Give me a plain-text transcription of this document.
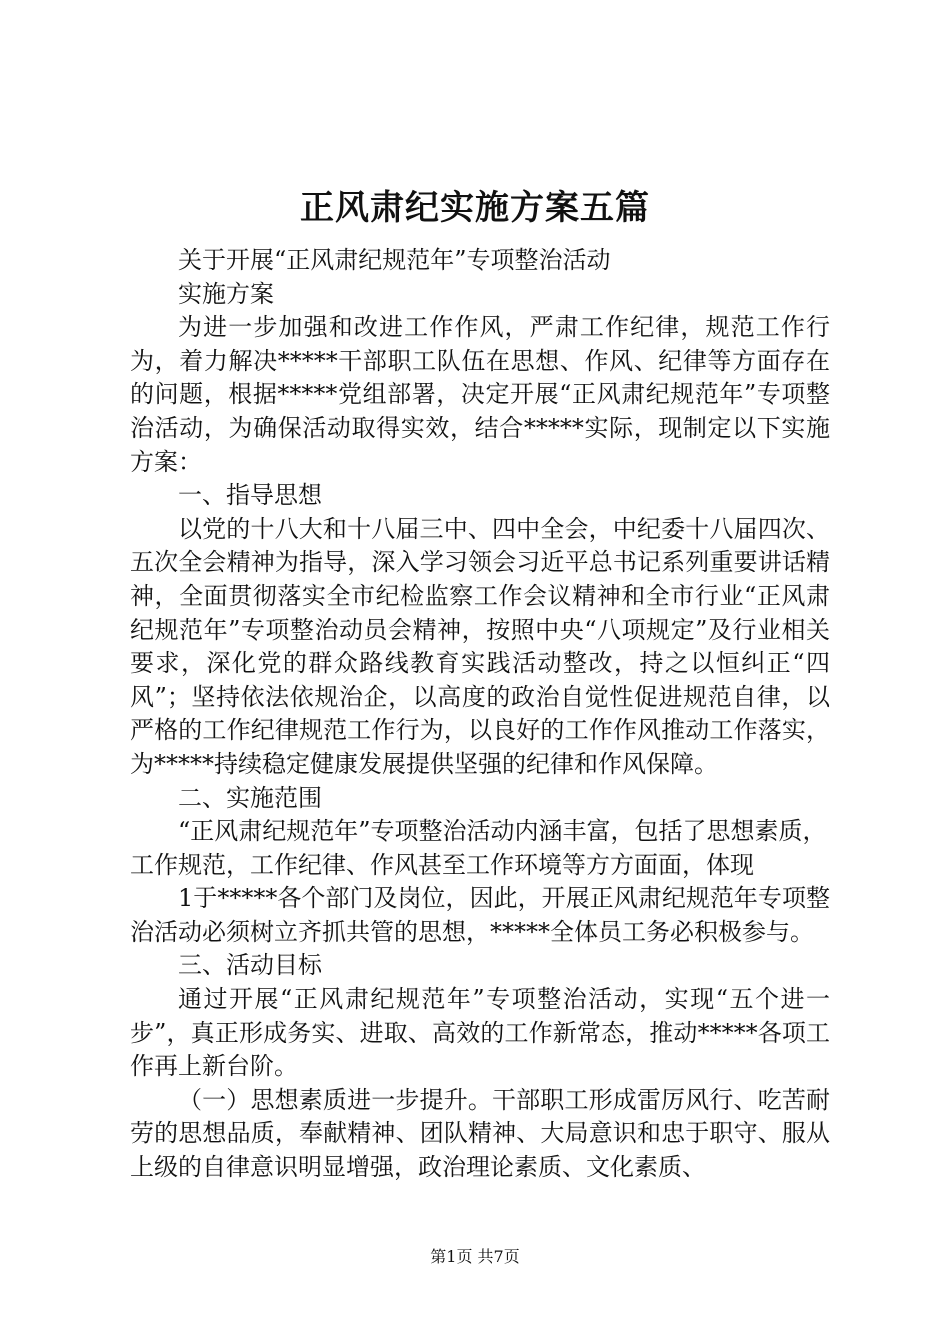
正风肃纪实施方案五篇

关于开展“正风肃纪规范年”专项整治活动

实施方案

为进一步加强和改进工作作风，严肃工作纪律，规范工作行为，着力解决*****干部职工队伍在思想、作风、纪律等方面存在的问题，根据*****党组部署，决定开展“正风肃纪规范年”专项整治活动，为确保活动取得实效，结合*****实际，现制定以下实施方案：

一、指导思想

以党的十八大和十八届三中、四中全会，中纪委十八届四次、五次全会精神为指导，深入学习领会习近平总书记系列重要讲话精神，全面贯彻落实全市纪检监察工作会议精神和全市行业“正风肃纪规范年”专项整治动员会精神，按照中央“八项规定”及行业相关要求，深化党的群众路线教育实践活动整改，持之以恒纠正“四风”；坚持依法依规治企，以高度的政治自觉性促进规范自律，以严格的工作纪律规范工作行为，以良好的工作作风推动工作落实，为*****持续稳定健康发展提供坚强的纪律和作风保障。

二、实施范围

“正风肃纪规范年”专项整治活动内涵丰富，包括了思想素质，工作规范，工作纪律、作风甚至工作环境等方方面面，体现

1于*****各个部门及岗位，因此，开展正风肃纪规范年专项整治活动必须树立齐抓共管的思想，*****全体员工务必积极参与。

三、活动目标

通过开展“正风肃纪规范年”专项整治活动，实现“五个进一步”，真正形成务实、进取、高效的工作新常态，推动*****各项工作再上新台阶。

（一）思想素质进一步提升。干部职工形成雷厉风行、吃苦耐劳的思想品质，奉献精神、团队精神、大局意识和忠于职守、服从上级的自律意识明显增强，政治理论素质、文化素质、

第1页 共7页
